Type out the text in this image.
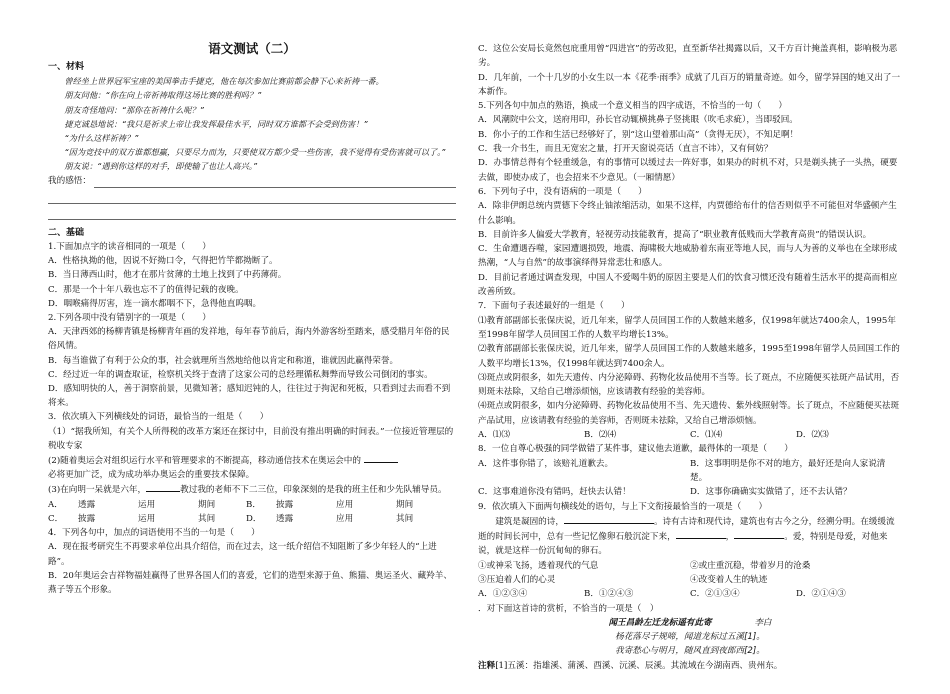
语文测试（二）
一、材料
曾经坐上世界冠军宝座的美国拳击手捷克，他在每次参加比赛前都会静下心来祈祷一番。
朋友问他：“你在向上帝祈祷取得这场比赛的胜利吗？”
朋友奇怪地问：“那你在祈祷什么呢？”
捷克诚恳地说：“我只是祈求上帝让我发挥最佳水平，同时双方谁都不会受到伤害！”
“为什么这样祈祷？”
“因为竞技中的双方谁都想赢，只要尽力而为，只要使双方都少受一些伤害，我不觉得有受伤害就可以了。”
朋友说：“遇到你这样的对手，即使输了也让人高兴。”
我的感悟：
二、基础
1.下面加点字的读音相同的一项是（　　）
A．性格执拗的他，因说不好拗口令，气得把竹竿都拗断了。
B．当日薄西山时，他才在那片贫薄的土地上找到了中药薄荷。
C．那是一个十年八载也忘不了的值得记载的夜晚。
D．咽喉痛得厉害，连一滴水都咽不下，急得他直呜咽。
2.下列各项中没有错别字的一项是（　　）
A．天津西郊的杨柳青镇是杨柳青年画的发祥地，每年春节前后，海内外游客纷至踏来，感受腊月年俗的民俗风情。
B．每当谁做了有利于公众的事，社会就理所当然地给他以肯定和称道，谁就因此赢得荣誉。
C．经过近一年的调查取证，检察机关终于查清了这家公司的总经理循私舞弊而导致公司倒闭的事实。
D．感知明快的人，善于洞察前景，见微知著；感知迟钝的人，往往过于拘泥和死板，只看到过去而看不到将来。
3．依次填入下列横线处的词语，最恰当的一组是（　　）
（1）“据我所知，有关个人所得税的改革方案还在探讨中，目前没有推出明确的时间表。”一位接近管理层的税收专家
(2)随着奥运会对组织运行水平和管理要求的不断提高，移动通信技术在奥运会中的
必将更加广泛，成为成功举办奥运会的重要技术保障。
(3)在向明一呆就是六年，	教过我的老师不下二三位，印象深刻的是我的班主任和少先队辅导员。
A．	透露	运用	期间	B．	披露	应用	期间
C．	披露	运用	其间	D．	透露	应用	其间
4．下列各句中，加点的词语使用不当的一句是（　　）
A．现在报考研究生不再要求单位出具介绍信，而在过去，这一纸介绍信不知阻断了多少年轻人的“上进路”。
B．20年奥运会吉祥物福娃赢得了世界各国人们的喜爱，它们的造型来源于鱼、熊猫、奥运圣火、藏羚羊、燕子等五个形象。
C．这位公安局长竟然包庇重用曾“四进宫”的劳改犯，直至新华社揭露以后，又千方百计掩盖真相，影响极为恶劣。
D．几年前，一个十几岁的小女生以一本《花季·雨季》成就了几百万的销量奇迹。如今，留学异国的她又出了一本新作。
5.下列各句中加点的熟语，换成一个意义相当的四字成语，不恰当的一句（　　）
A．风潮院中公文，送府用印，孙长官动辄横挑鼻子竖挑眼（吹毛求疵），当即驳回。
B．你小子的工作和生活已经够好了，别“这山望着那山高”（贪得无厌），不知足啊！
C．我一介书生，而且无宽宏之量，打开天窗说亮话（直言不讳），又有何妨？
D．办事情总得有个轻重缓急，有的事情可以缓过去一阵好事，如果办的时机不对，只是剃头挑子一头热，硬要去做，即使办成了，也会招来不少意见。（一厢情愿）
6．下列句子中，没有语病的一项是（　　）
A．除非伊朗总统内贾德下令终止铀浓缩活动，如果不这样，内贾德给布什的信否则似乎不可能但对华盛顿产生什么影响。
B．目前许多人偏爱大学教育，轻视劳动技能教育，提高了“职业教育低贱而大学教育高贵”的错误认识。
C．生命遭遇吞噬，家园遭遇损毁，地震、海啸极大地威胁着东南亚等地人民，而与人为善的义举也在全球形成热潮，“人与自然”的故事演绎得异常悲壮和感人。
D．目前记者通过调查发现，中国人不爱喝牛奶的原因主要是人们的饮食习惯还没有随着生活水平的提高而相应改善所致。
7．下面句子表述最好的一组是（　　）
⑴教育部副部长张保庆说，近几年来，留学人员回国工作的人数越来越多，仅1998年就达7400余人，1995年至1998年留学人员回国工作的人数平均增长13%。
⑵教育部副部长张保庆说，近几年来，留学人员回国工作的人数越来越多，1995至1998年留学人员回国工作的人数平均增长13%，仅1998年就达到7400余人。
⑶斑点或阴很多，如先天遗传、内分泌障碍、药物化妆品使用不当等。长了斑点，不应随便买祛斑产品试用，否则斑未祛除，又给自己增添烦恼，应该请教有经验的美容师。
⑷斑点或阴很多，如内分泌障碍、药物化妆品使用不当、先天遗传、紫外线照射等。长了斑点，不应随便买祛斑产品试用，应该请教有经验的美容师，否则斑未祛除，又给自己增添烦恼。
A．⑴⑶	B．⑵⑷	C．⑴⑷	D．⑵⑶
8．一位自尊心极强的同学做错了某件事，建议他去道歉，最得体的一项是（　　）
A．这件事你错了，该赔礼道歉去。	B．这事明明是你不对的地方，最好还是向人家说清楚。
C．这事难道你没有错吗，赶快去认错！	D．这事你确确实实做错了，还不去认错？
9．依次填入下面两句横线处的语句，与上下文衔接最恰当的一项是（　　）
建筑是凝固的诗，	。诗有古诗和现代诗，建筑也有古今之分，经溯分明。在缓缓流逝的时间长河中，总有一些记忆像卵石般沉淀下来，	，	。爱，特别是母爱，对他来说，就是这样一份沉甸甸的卵石。
①或神采飞扬，透着现代的气息	②或庄重沉稳，带着岁月的沧桑
③压迫着人们的心灵	④改变着人生的轨迹
A．①②③④	B．①②④③	C．②①③④	D．②①④③
．对下面这首诗的赏析，不恰当的一项是（　）
闻王昌龄左迁龙标遥有此寄	李白
杨花落尽子规啼，闻道龙标过五溪[1]。
我寄愁心与明月，随风直到夜郎西[2]。
注释[1]五溪：指雄溪、蒲溪、酉溪、沅溪、辰溪。其流域在今湖南西、贵州东。
